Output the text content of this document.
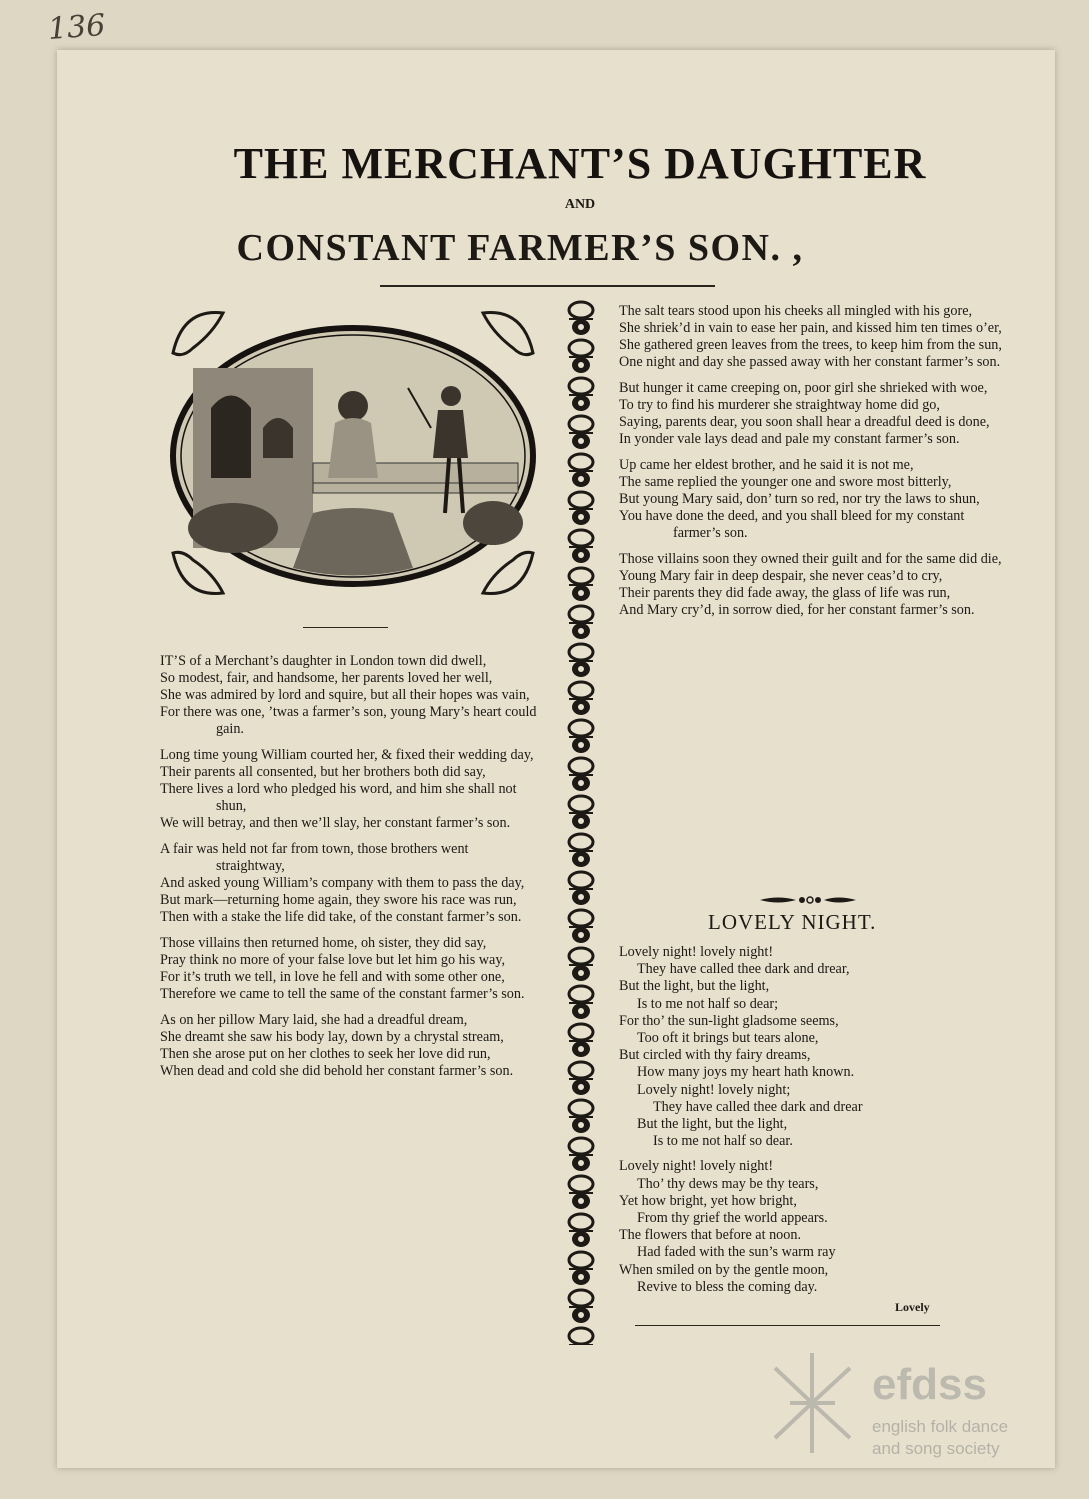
136
THE MERCHANT’S DAUGHTER
AND
CONSTANT FARMER’S SON. ,
IT’S of a Merchant’s daughter in London town did dwell,
So modest, fair, and handsome, her parents loved her well,
She was admired by lord and squire, but all their hopes was vain,
For there was one, ’twas a farmer’s son, young Mary’s heart could gain.
Long time young William courted her, & fixed their wedding day,
Their parents all consented, but her brothers both did say,
There lives a lord who pledged his word, and him she shall not shun,
We will betray, and then we’ll slay, her constant farmer’s son.
A fair was held not far from town, those brothers went straightway,
And asked young William’s company with them to pass the day,
But mark—returning home again, they swore his race was run,
Then with a stake the life did take, of the constant farmer’s son.
Those villains then returned home, oh sister, they did say,
Pray think no more of your false love but let him go his way,
For it’s truth we tell, in love he fell and with some other one,
Therefore we came to tell the same of the constant farmer’s son.
As on her pillow Mary laid, she had a dreadful dream,
She dreamt she saw his body lay, down by a chrystal stream,
Then she arose put on her clothes to seek her love did run,
When dead and cold she did behold her constant farmer’s son.
The salt tears stood upon his cheeks all mingled with his gore,
She shriek’d in vain to ease her pain, and kissed him ten times o’er,
She gathered green leaves from the trees, to keep him from the sun,
One night and day she passed away with her constant farmer’s son.
But hunger it came creeping on, poor girl she shrieked with woe,
To try to find his murderer she straightway home did go,
Saying, parents dear, you soon shall hear a dreadful deed is done,
In yonder vale lays dead and pale my constant farmer’s son.
Up came her eldest brother, and he said it is not me,
The same replied the younger one and swore most bitterly,
But young Mary said, don’ turn so red, nor try the laws to shun,
You have done the deed, and you shall bleed for my constant farmer’s son.
Those villains soon they owned their guilt and for the same did die,
Young Mary fair in deep despair, she never ceas’d to cry,
Their parents they did fade away, the glass of life was run,
And Mary cry’d, in sorrow died, for her constant farmer’s son.
LOVELY NIGHT.
Lovely night! lovely night!
They have called thee dark and drear,
But the light, but the light,
Is to me not half so dear;
For tho’ the sun-light gladsome seems,
Too oft it brings but tears alone,
But circled with thy fairy dreams,
How many joys my heart hath known.
Lovely night! lovely night;
They have called thee dark and drear
But the light, but the light,
Is to me not half so dear.
Lovely night! lovely night!
Tho’ thy dews may be thy tears,
Yet how bright, yet how bright,
From thy grief the world appears.
The flowers that before at noon.
Had faded with the sun’s warm ray
When smiled on by the gentle moon,
Revive to bless the coming day.
Lovely
efdss
english folk dance
and song society
